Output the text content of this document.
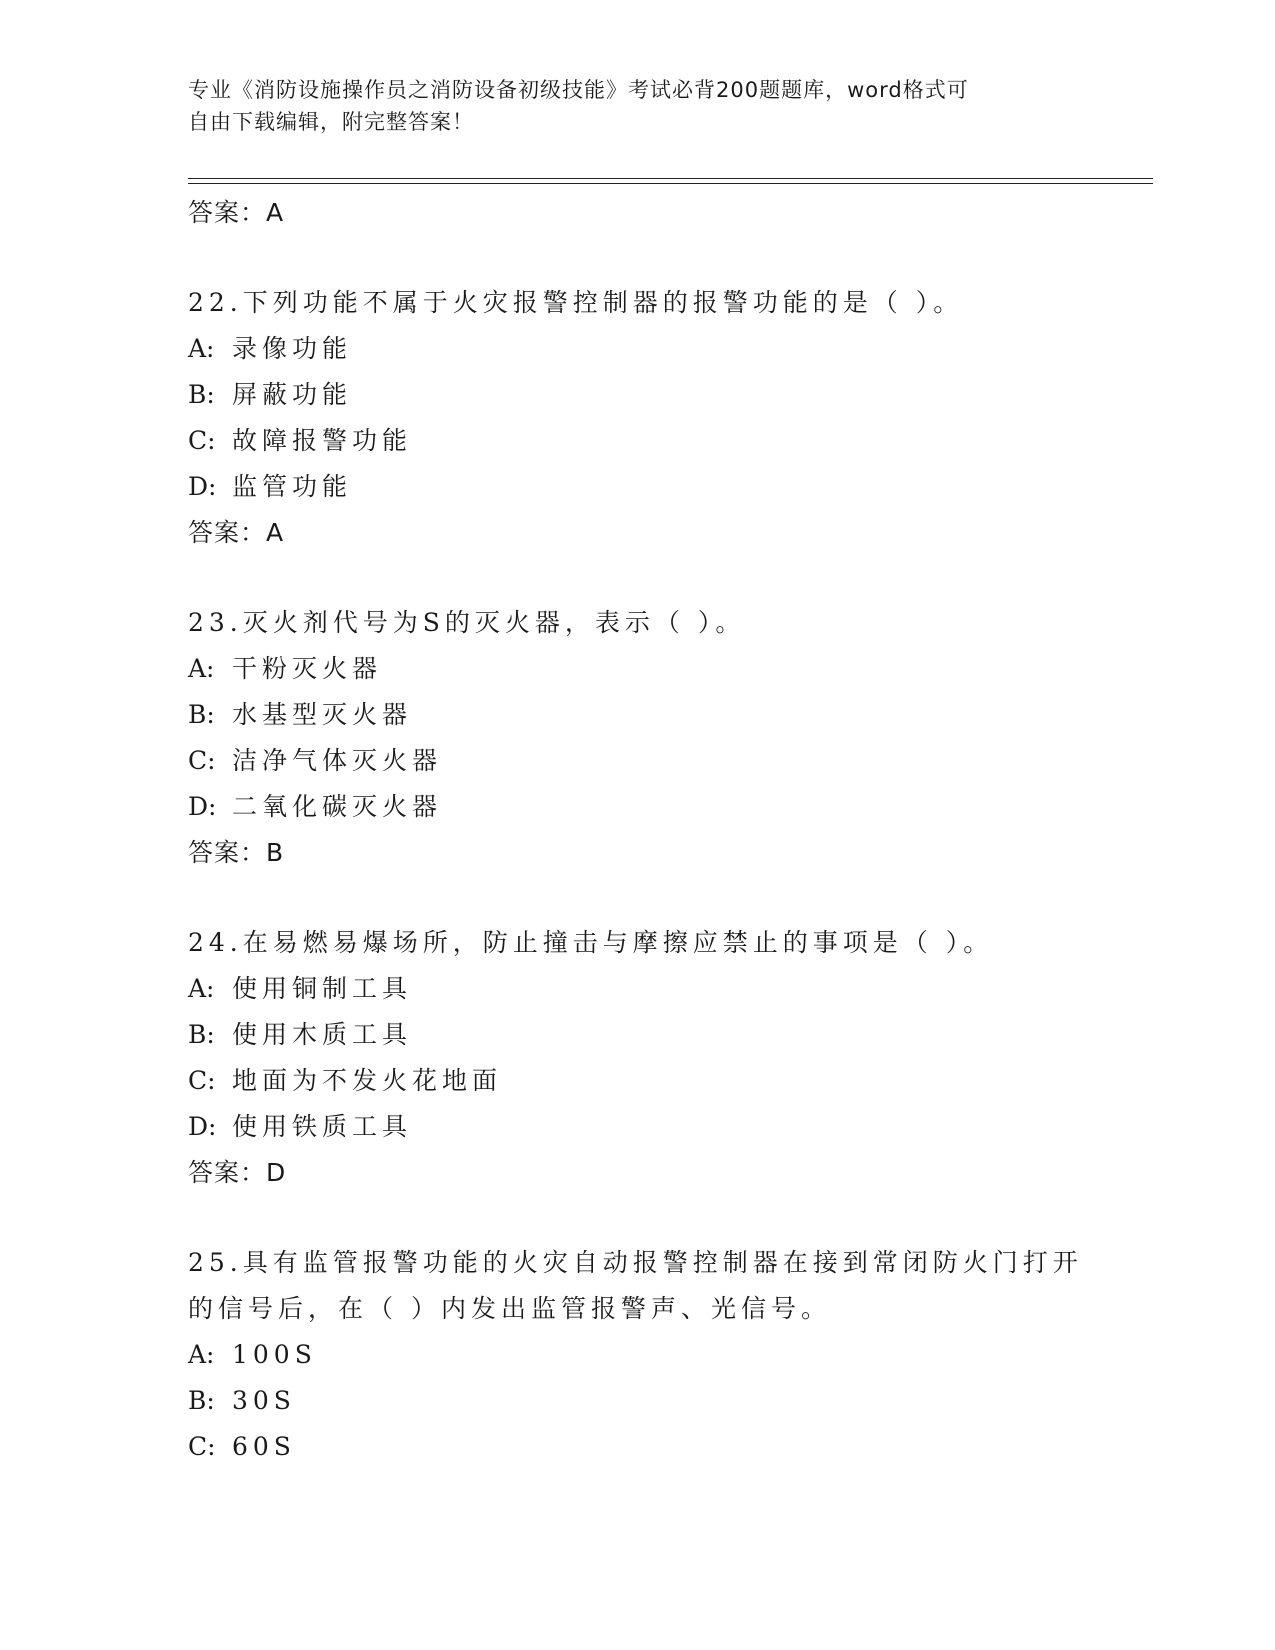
专业《消防设施操作员之消防设备初级技能》考试必背200题题库，word格式可
自由下载编辑，附完整答案！
答案：A
22.下列功能不属于火灾报警控制器的报警功能的是（ ）。
A: 录像功能
B: 屏蔽功能
C: 故障报警功能
D: 监管功能
答案：A
23.灭火剂代号为S的灭火器，表示（ ）。
A: 干粉灭火器
B: 水基型灭火器
C: 洁净气体灭火器
D: 二氧化碳灭火器
答案：B
24.在易燃易爆场所，防止撞击与摩擦应禁止的事项是（ ）。
A: 使用铜制工具
B: 使用木质工具
C: 地面为不发火花地面
D: 使用铁质工具
答案：D
25.具有监管报警功能的火灾自动报警控制器在接到常闭防火门打开的信号后，在（ ）内发出监管报警声、光信号。
A: 100S
B: 30S
C: 60S
